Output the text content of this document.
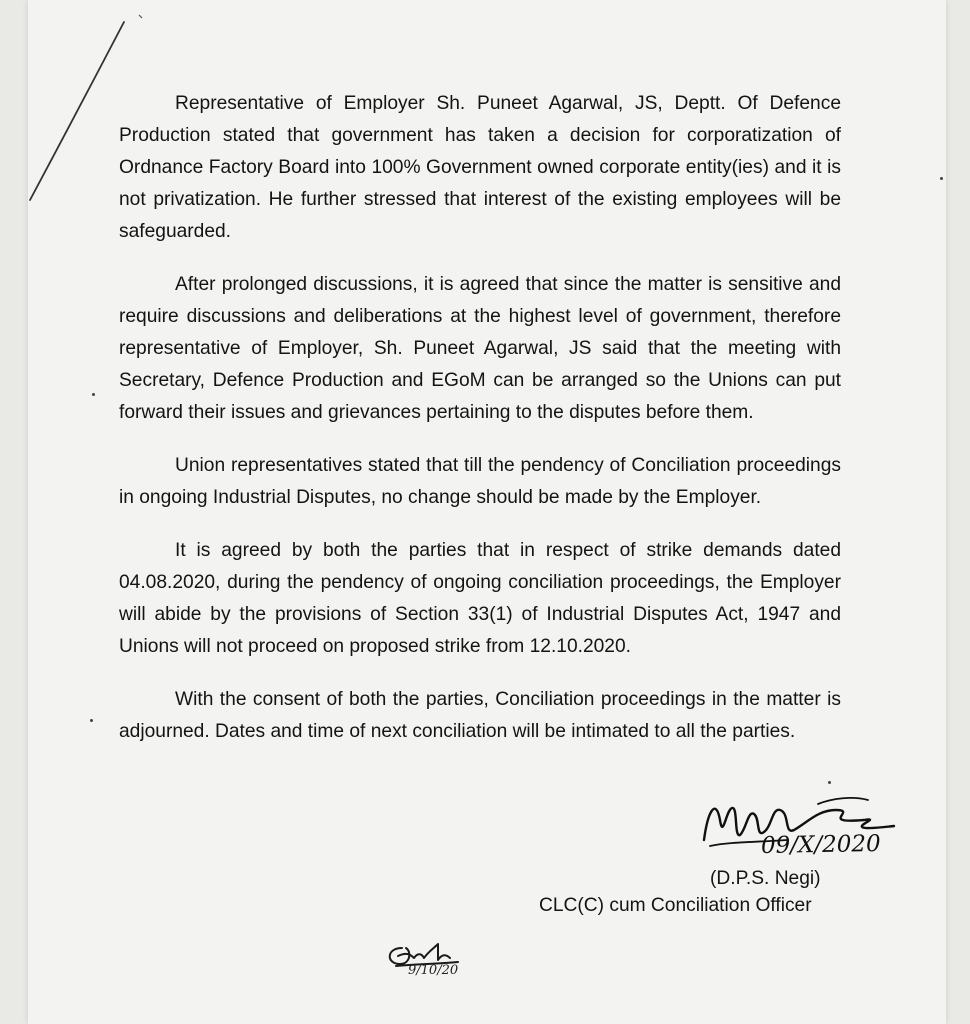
Representative of Employer Sh. Puneet Agarwal, JS, Deptt. Of Defence Production stated that government has taken a decision for corporatization of Ordnance Factory Board into 100% Government owned corporate entity(ies) and it is not privatization. He further stressed that interest of the existing employees will be safeguarded.

After prolonged discussions, it is agreed that since the matter is sensitive and require discussions and deliberations at the highest level of government, therefore representative of Employer, Sh. Puneet Agarwal, JS said that the meeting with Secretary, Defence Production and EGoM can be arranged so the Unions can put forward their issues and grievances pertaining to the disputes before them.

Union representatives stated that till the pendency of Conciliation proceedings in ongoing Industrial Disputes, no change should be made by the Employer.

It is agreed by both the parties that in respect of strike demands dated 04.08.2020, during the pendency of ongoing conciliation proceedings, the Employer will abide by the provisions of Section 33(1) of Industrial Disputes Act, 1947 and Unions will not proceed on proposed strike from 12.10.2020.

With the consent of both the parties, Conciliation proceedings in the matter is adjourned. Dates and time of next conciliation will be intimated to all the parties.

09/X/2020
(D.P.S. Negi)
CLC(C) cum Conciliation Officer
9/10/20
